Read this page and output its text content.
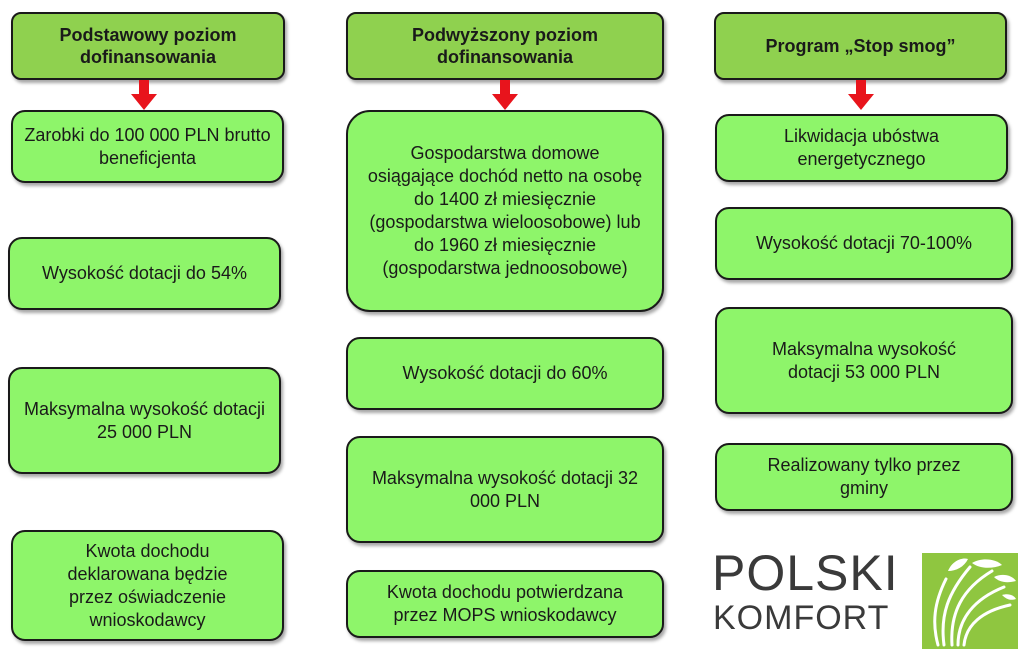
Podstawowy poziom dofinansowania
Zarobki do 100 000 PLN brutto beneficjenta
Wysokość dotacji do 54%
Maksymalna wysokość dotacji 25 000 PLN
Kwota dochodu deklarowana będzie przez oświadczenie wnioskodawcy
Podwyższony poziom dofinansowania
Gospodarstwa domowe osiągające dochód netto na osobę do 1400 zł miesięcznie (gospodarstwa wieloosobowe) lub do 1960 zł miesięcznie (gospodarstwa jednoosobowe)
Wysokość dotacji do 60%
Maksymalna wysokość dotacji 32 000 PLN
Kwota dochodu potwierdzana przez MOPS wnioskodawcy
Program „Stop smog”
Likwidacja ubóstwa energetycznego
Wysokość dotacji 70-100%
Maksymalna wysokość dotacji 53 000 PLN
Realizowany tylko przez gminy
POLSKI
KOMFORT
